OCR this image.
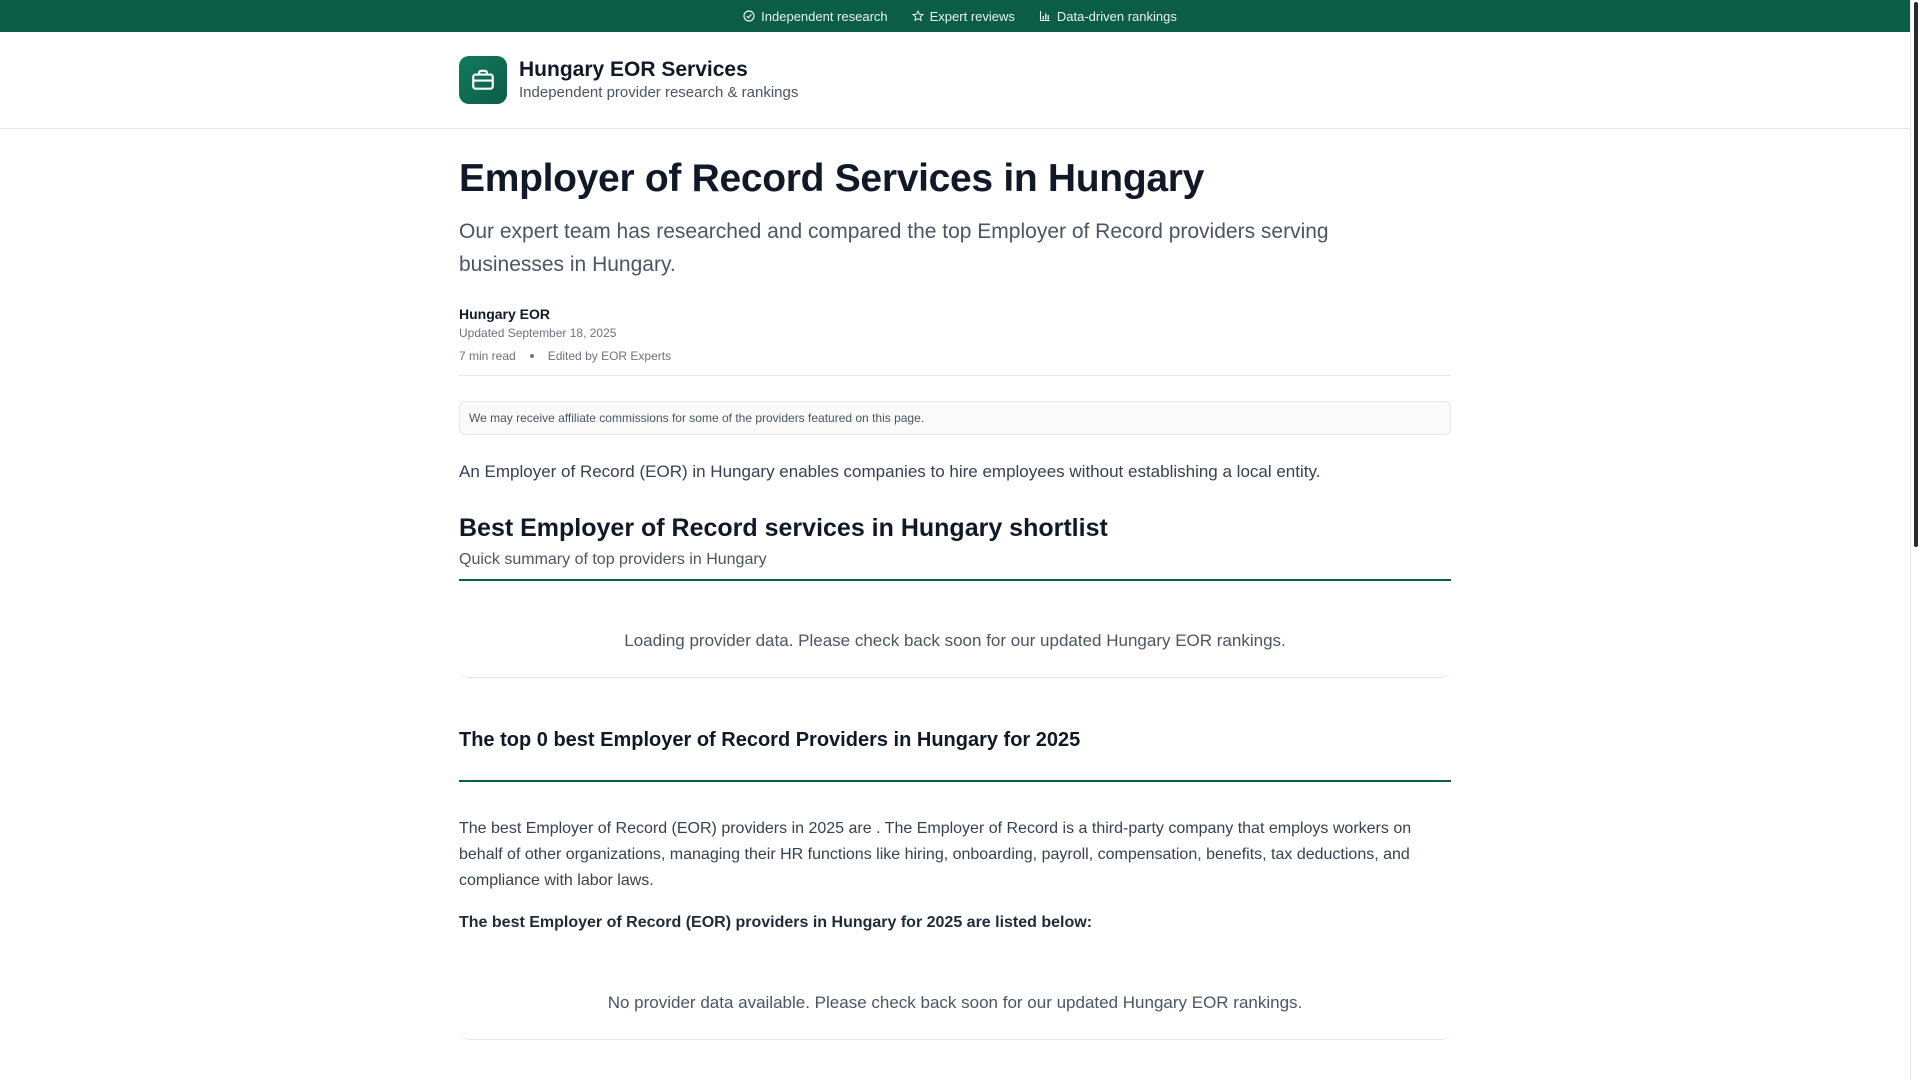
Independent research	Expert reviews	Data-driven rankings
Hungary EOR Services
Independent provider research & rankings
Employer of Record Services in Hungary

Our expert team has researched and compared the top Employer of Record providers serving businesses in Hungary.

Hungary EOR
Updated September 18, 2025
7 min read	Edited by EOR Experts
We may receive affiliate commissions for some of the providers featured on this page.

An Employer of Record (EOR) in Hungary enables companies to hire employees without establishing a local entity.

Best Employer of Record services in Hungary shortlist
Quick summary of top providers in Hungary
Loading provider data. Please check back soon for our updated Hungary EOR rankings.
The top 0 best Employer of Record Providers in Hungary for 2025

The best Employer of Record (EOR) providers in 2025 are . The Employer of Record is a third-party company that employs workers on behalf of other organizations, managing their HR functions like hiring, onboarding, payroll, compensation, benefits, tax deductions, and compliance with labor laws.

The best Employer of Record (EOR) providers in Hungary for 2025 are listed below:

No provider data available. Please check back soon for our updated Hungary EOR rankings.
